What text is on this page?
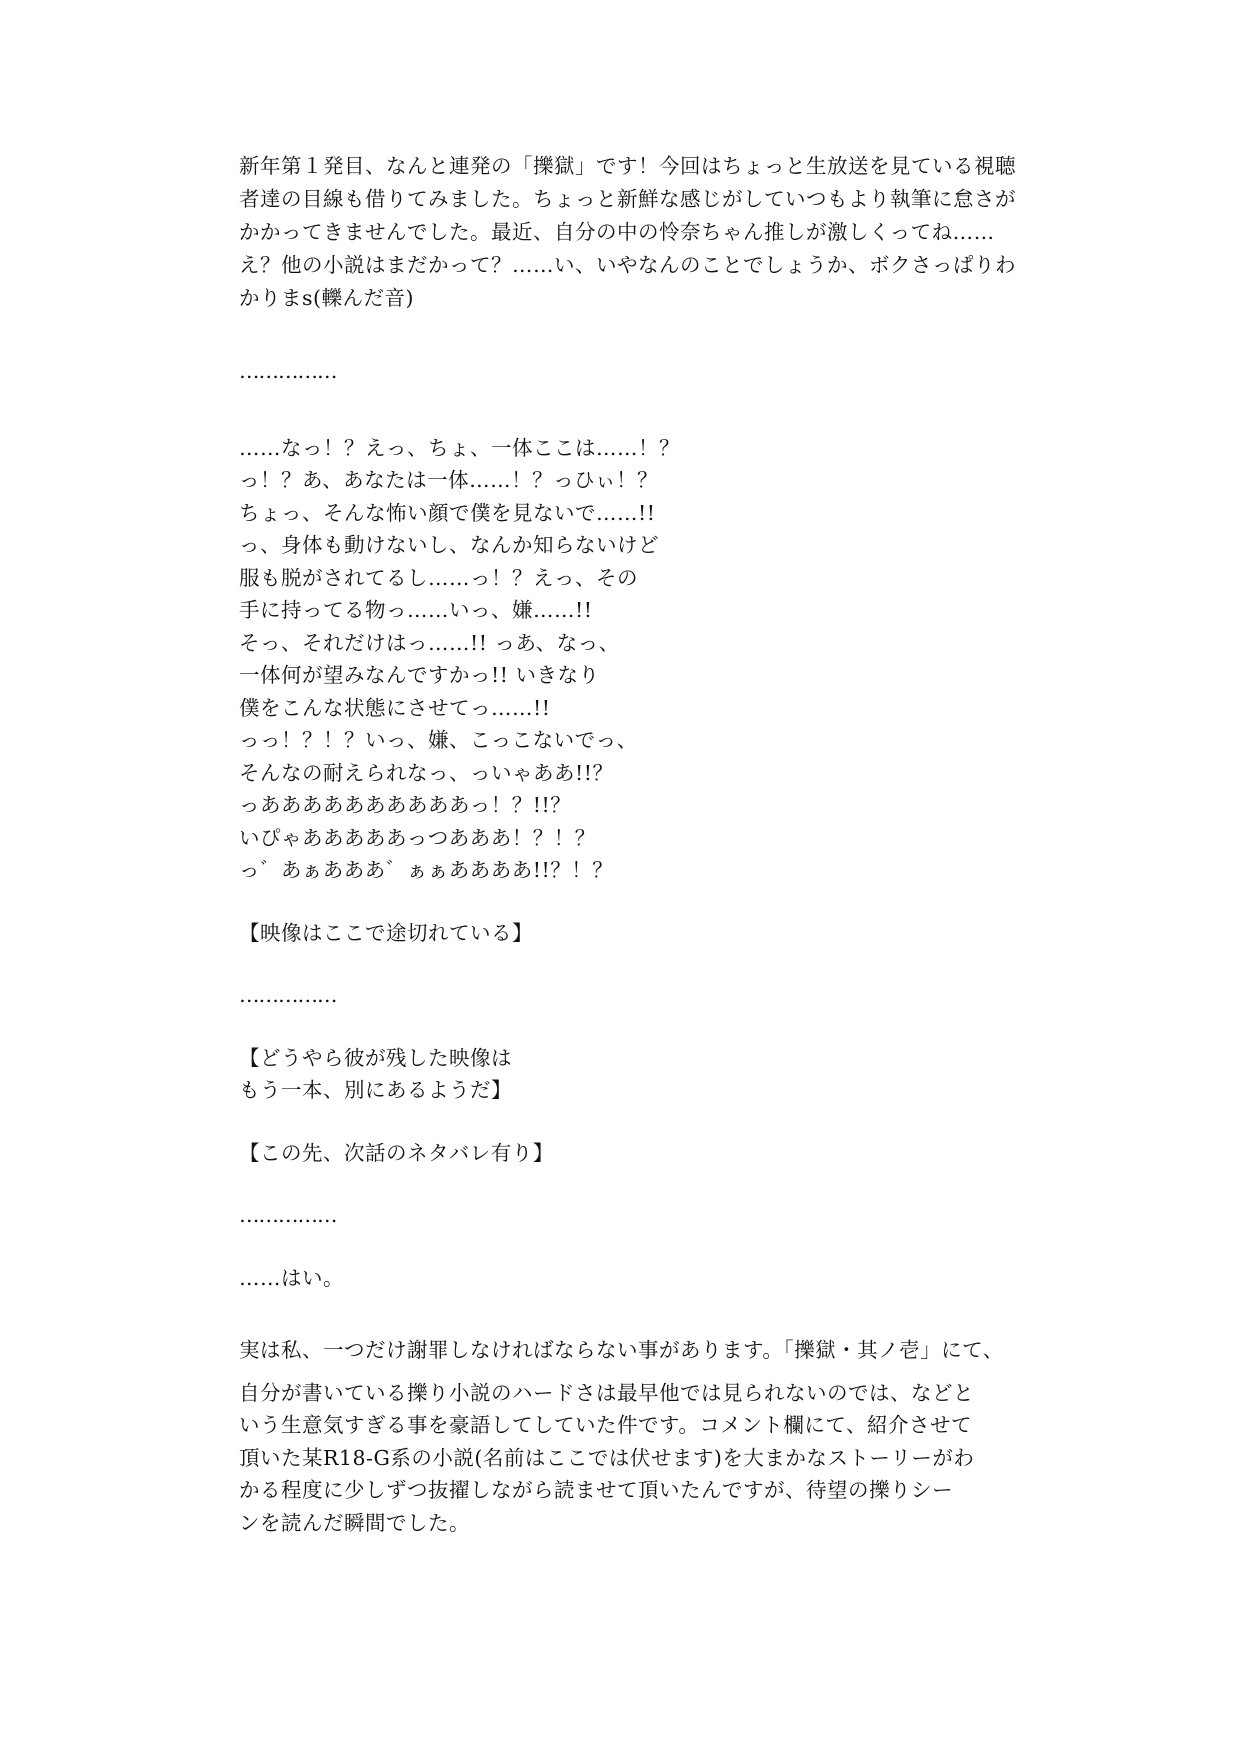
新年第１発目、なんと連発の「擽獄」です！今回はちょっと生放送を見ている視聴者達の目線も借りてみました。ちょっと新鮮な感じがしていつもより執筆に怠さがかかってきませんでした。最近、自分の中の怜奈ちゃん推しが激しくってね……え？他の小説はまだかって？……い、いやなんのことでしょうか、ボクさっぱりわかりまs(轢んだ音)

……………
……なっ！？えっ、ちょ、一体ここは……！？
っ！？あ、あなたは一体……！？っひぃ！？
ちょっ、そんな怖い顔で僕を見ないで……!!
っ、身体も動けないし、なんか知らないけど
服も脱がされてるし……っ！？えっ、その
手に持ってる物っ……いっ、嫌……!!
そっ、それだけはっ……!! っあ、なっ、
一体何が望みなんですかっ!! いきなり
僕をこんな状態にさせてっ……!!
っっ！？！？いっ、嫌、こっこないでっ、
そんなの耐えられなっ、っいゃああ!!？
っああああああああああっ！？!!？
いぴゃあああああっつあああ！？！？
っ゛あぁあああ゛ぁぁああああ!!？！？
【映像はここで途切れている】
……………
【どうやら彼が残した映像は
もう一本、別にあるようだ】
【この先、次話のネタバレ有り】
……………
……はい。
実は私、一つだけ謝罪しなければならない事があります。「擽獄・其ノ壱」にて、
自分が書いている擽り小説のハードさは最早他では見られないのでは、などと
いう生意気すぎる事を豪語してしていた件です。コメント欄にて、紹介させて
頂いた某R18-G系の小説(名前はここでは伏せます)を大まかなストーリーがわ
かる程度に少しずつ抜擢しながら読ませて頂いたんですが、待望の擽りシー
ンを読んだ瞬間でした。
